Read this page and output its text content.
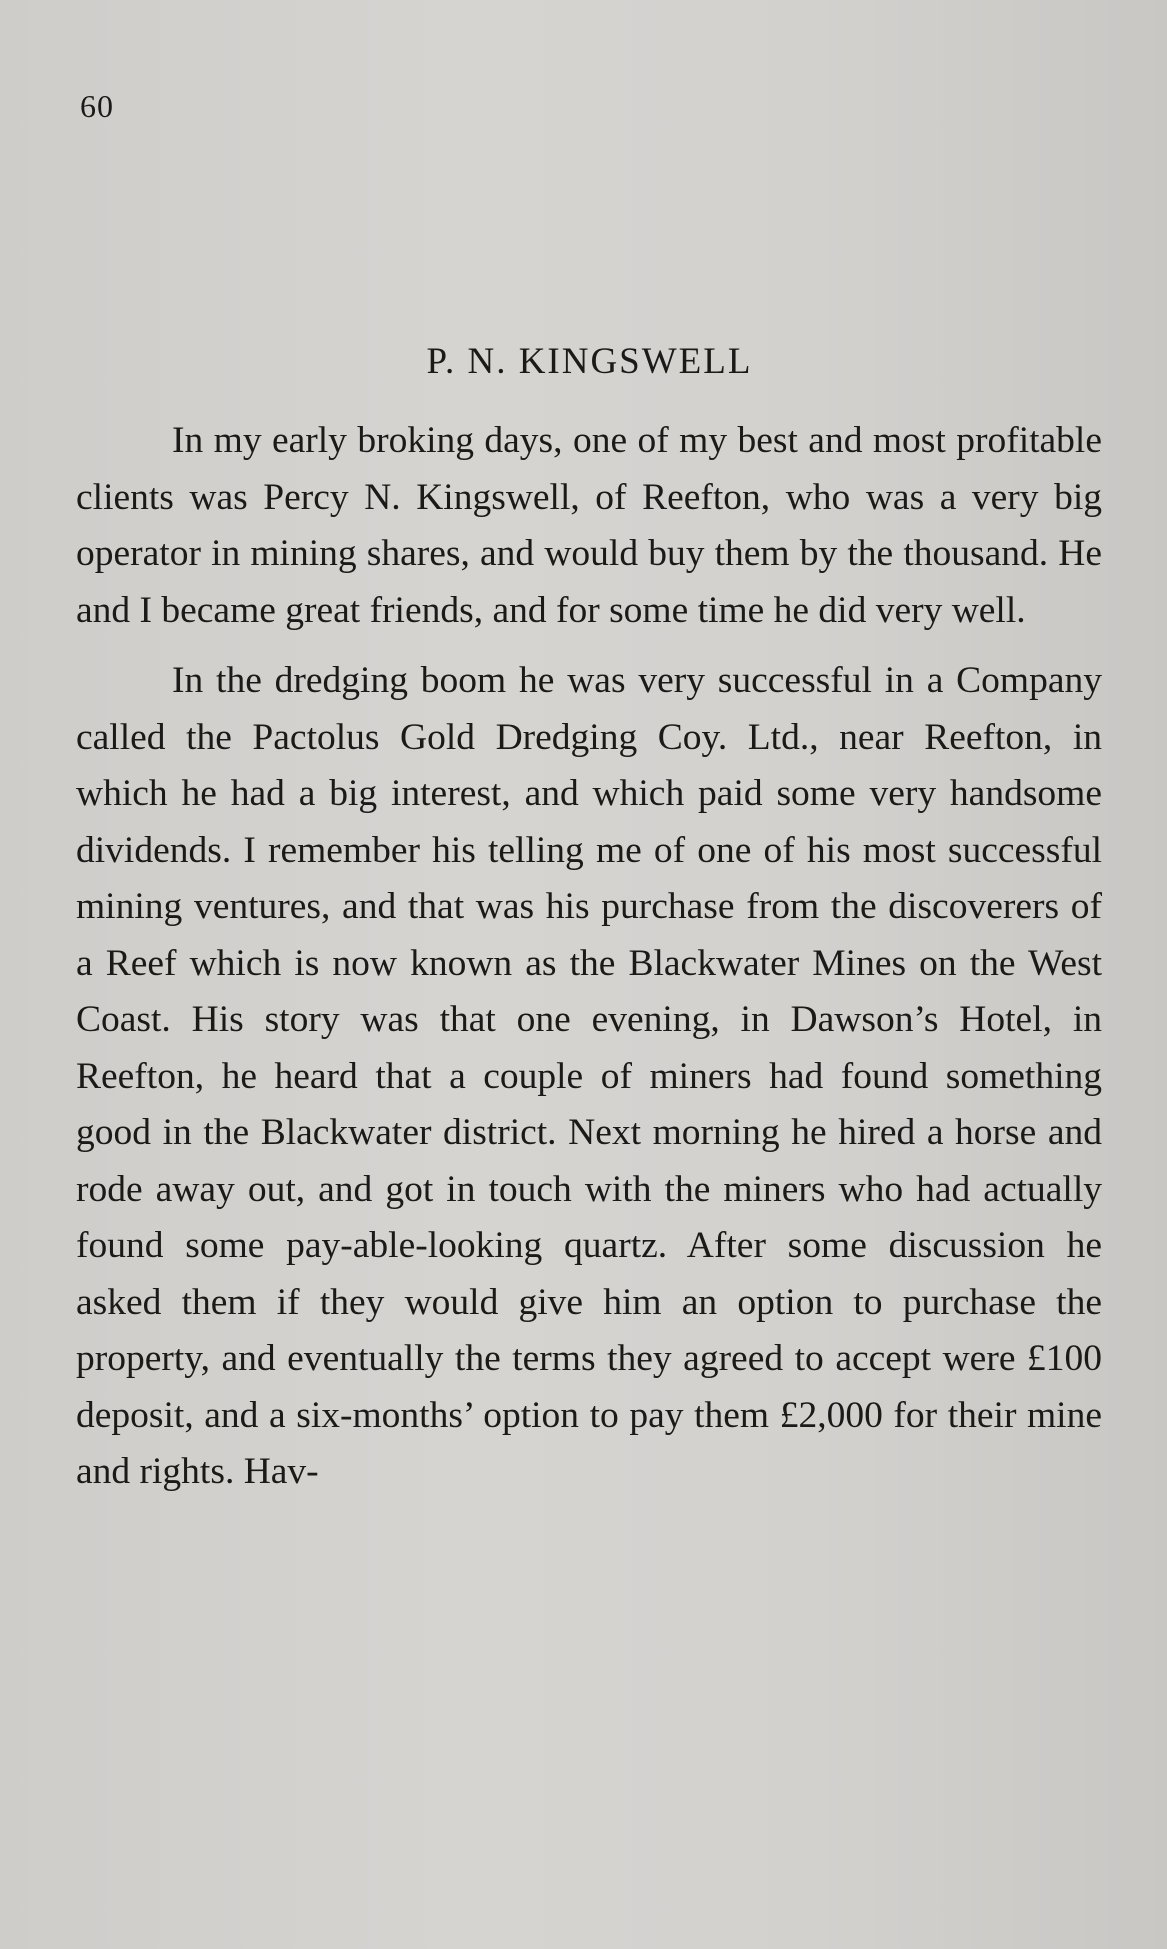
60
P. N. KINGSWELL

In my early broking days, one of my best and most profitable clients was Percy N. Kingswell, of Reefton, who was a very big operator in mining shares, and would buy them by the thousand. He and I became great friends, and for some time he did very well.

In the dredging boom he was very successful in a Company called the Pactolus Gold Dredging Coy. Ltd., near Reefton, in which he had a big interest, and which paid some very handsome dividends. I remember his telling me of one of his most successful mining ventures, and that was his purchase from the discoverers of a Reef which is now known as the Blackwater Mines on the West Coast. His story was that one evening, in Dawson’s Hotel, in Reefton, he heard that a couple of miners had found something good in the Blackwater district. Next morning he hired a horse and rode away out, and got in touch with the miners who had actually found some pay-able-looking quartz. After some discussion he asked them if they would give him an option to purchase the property, and eventually the terms they agreed to accept were £100 deposit, and a six-months’ option to pay them £2,000 for their mine and rights. Hav-
